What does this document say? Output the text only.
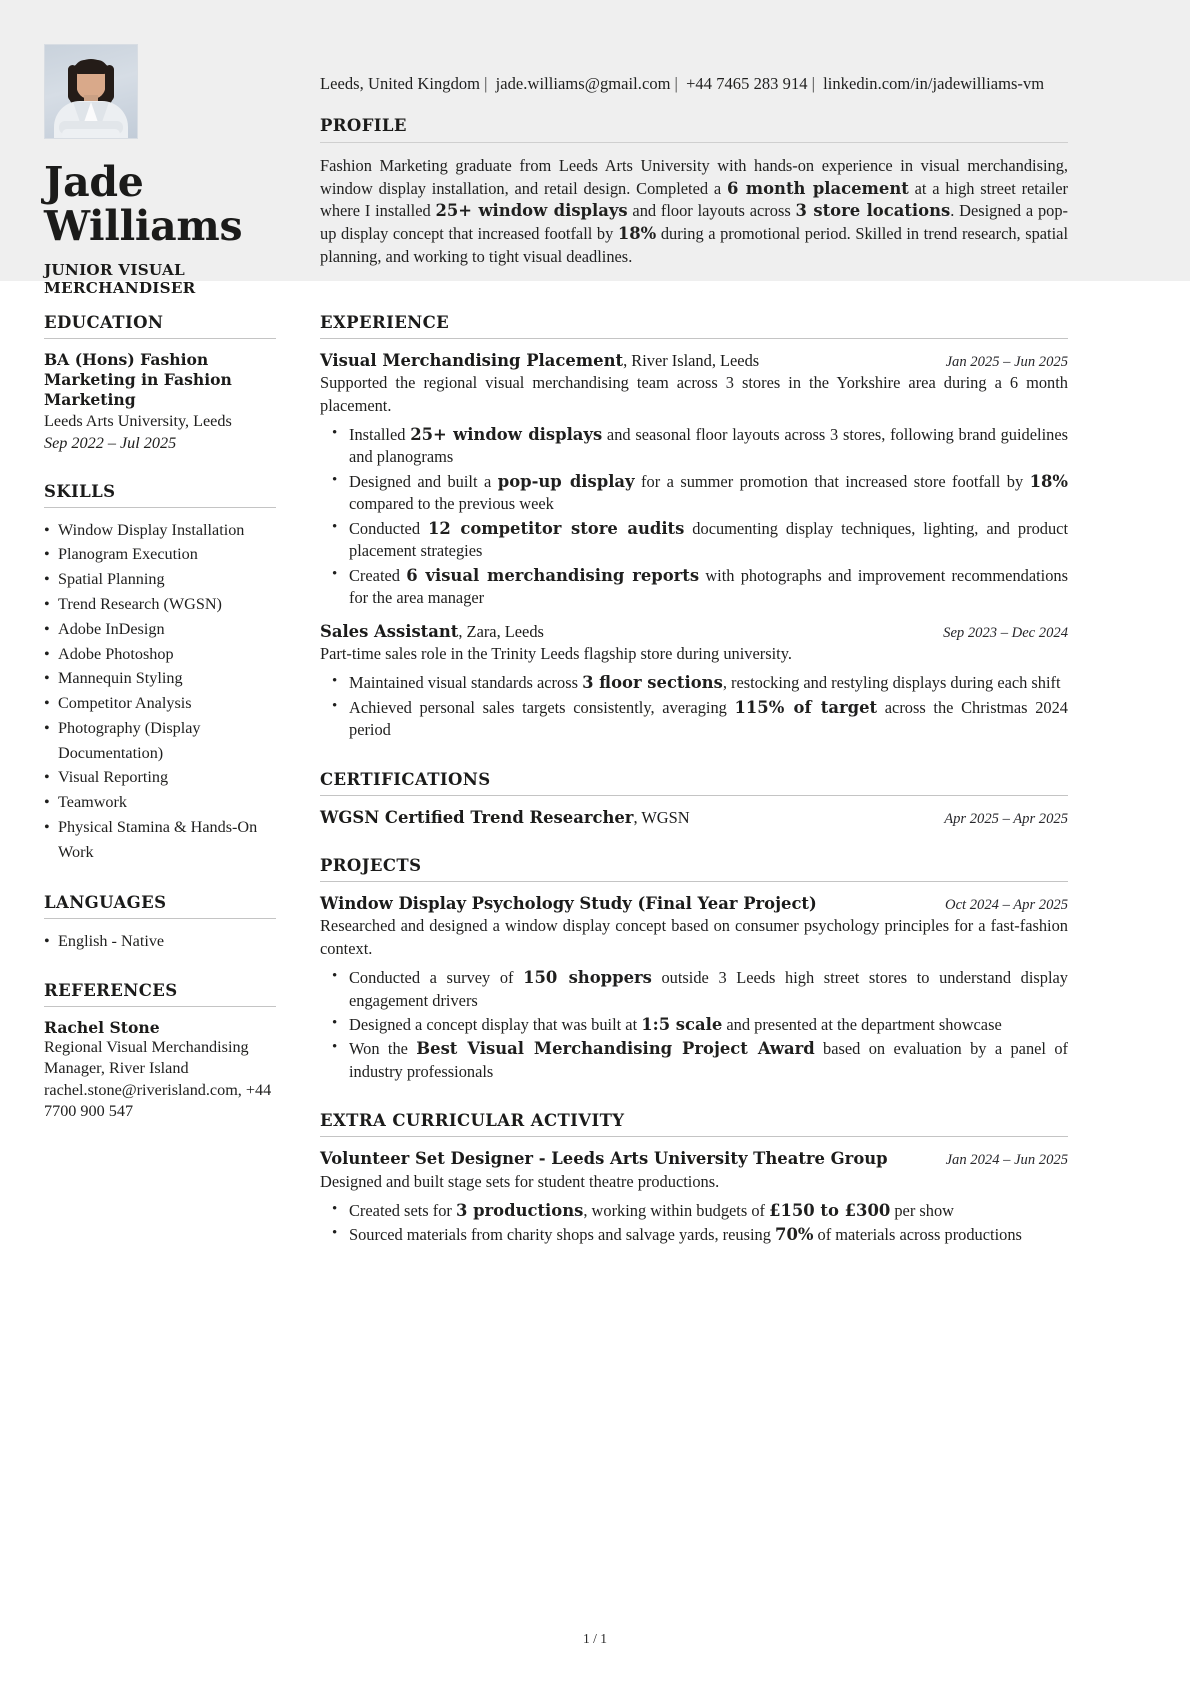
Jade
Williams
JUNIOR VISUAL MERCHANDISER
Leeds, United Kingdom | jade.williams@gmail.com | +44 7465 283 914 | linkedin.com/in/jadewilliams-vm
PROFILE
Fashion Marketing graduate from Leeds Arts University with hands-on experience in visual merchandising, window display installation, and retail design. Completed a 6 month placement at a high street retailer where I installed 25+ window displays and floor layouts across 3 store locations. Designed a pop-up display concept that increased footfall by 18% during a promotional period. Skilled in trend research, spatial planning, and working to tight visual deadlines.
EDUCATION
BA (Hons) Fashion Marketing in Fashion Marketing
Leeds Arts University, Leeds
Sep 2022 – Jul 2025
SKILLS
• Window Display Installation
• Planogram Execution
• Spatial Planning
• Trend Research (WGSN)
• Adobe InDesign
• Adobe Photoshop
• Mannequin Styling
• Competitor Analysis
• Photography (Display Documentation)
• Visual Reporting
• Teamwork
• Physical Stamina & Hands-On Work
LANGUAGES
• English - Native
REFERENCES
Rachel Stone
Regional Visual Merchandising Manager, River Island
rachel.stone@riverisland.com, +44 7700 900 547
EXPERIENCE
Visual Merchandising Placement, River Island, Leeds	Jan 2025 – Jun 2025
Supported the regional visual merchandising team across 3 stores in the Yorkshire area during a 6 month placement.
• Installed 25+ window displays and seasonal floor layouts across 3 stores, following brand guidelines and planograms
• Designed and built a pop-up display for a summer promotion that increased store footfall by 18% compared to the previous week
• Conducted 12 competitor store audits documenting display techniques, lighting, and product placement strategies
• Created 6 visual merchandising reports with photographs and improvement recommendations for the area manager
Sales Assistant, Zara, Leeds	Sep 2023 – Dec 2024
Part-time sales role in the Trinity Leeds flagship store during university.
• Maintained visual standards across 3 floor sections, restocking and restyling displays during each shift
• Achieved personal sales targets consistently, averaging 115% of target across the Christmas 2024 period
CERTIFICATIONS
WGSN Certified Trend Researcher, WGSN	Apr 2025 – Apr 2025
PROJECTS
Window Display Psychology Study (Final Year Project)	Oct 2024 – Apr 2025
Researched and designed a window display concept based on consumer psychology principles for a fast-fashion context.
• Conducted a survey of 150 shoppers outside 3 Leeds high street stores to understand display engagement drivers
• Designed a concept display that was built at 1:5 scale and presented at the department showcase
• Won the Best Visual Merchandising Project Award based on evaluation by a panel of industry professionals
EXTRA CURRICULAR ACTIVITY
Volunteer Set Designer - Leeds Arts University Theatre Group	Jan 2024 – Jun 2025
Designed and built stage sets for student theatre productions.
• Created sets for 3 productions, working within budgets of £150 to £300 per show
• Sourced materials from charity shops and salvage yards, reusing 70% of materials across productions
1 / 1
